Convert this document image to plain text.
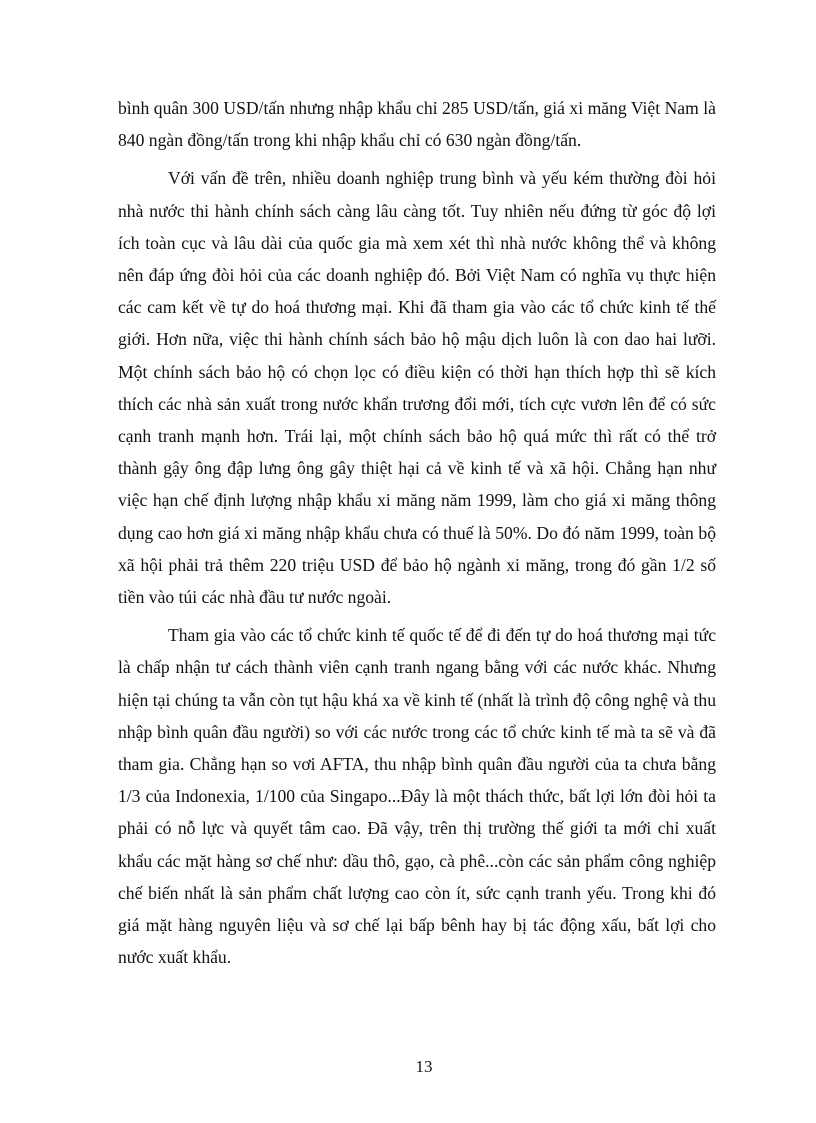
bình quân 300 USD/tấn nhưng nhập khẩu chỉ 285 USD/tấn, giá xi măng Việt Nam là 840 ngàn đồng/tấn trong khi nhập khẩu chỉ có 630 ngàn đồng/tấn.

Với vấn đề trên, nhiều doanh nghiệp trung bình và yếu kém thường đòi hỏi nhà nước thi hành chính sách càng lâu càng tốt. Tuy nhiên nếu đứng từ góc độ lợi ích toàn cục và lâu dài của quốc gia mà xem xét thì nhà nước không thể và không nên đáp ứng đòi hỏi của các doanh nghiệp đó. Bởi Việt Nam có nghĩa vụ thực hiện các cam kết về tự do hoá thương mại. Khi đã tham gia vào các tổ chức kinh tế thế giới. Hơn nữa, việc thi hành chính sách bảo hộ mậu dịch luôn là con dao hai lưỡi. Một chính sách bảo hộ có chọn lọc có điều kiện có thời hạn thích hợp thì sẽ kích thích các nhà sản xuất trong nước khẩn trương đổi mới, tích cực vươn lên để có sức cạnh tranh mạnh hơn. Trái lại, một chính sách bảo hộ quá mức thì rất có thể trở thành gậy ông đập lưng ông gây thiệt hại cả về kinh tế và xã hội. Chẳng hạn như việc hạn chế định lượng nhập khẩu xi măng năm 1999, làm cho giá xi măng thông dụng cao hơn giá xi măng nhập khẩu chưa có thuế là 50%. Do đó năm 1999, toàn bộ xã hội phải trả thêm 220 triệu USD để bảo hộ ngành xi măng, trong đó gần 1/2 số tiền vào túi các nhà đầu tư nước ngoài.

Tham gia vào các tổ chức kinh tế quốc tế để đi đến tự do hoá thương mại tức là chấp nhận tư cách thành viên cạnh tranh ngang bằng với các nước khác. Nhưng hiện tại chúng ta vẫn còn tụt hậu khá xa về kinh tế (nhất là trình độ công nghệ và thu nhập bình quân đầu người) so với các nước trong các tổ chức kinh tế mà ta sẽ và đã tham gia. Chẳng hạn so vơi AFTA, thu nhập bình quân đầu người của ta chưa bằng 1/3 của Indonexia, 1/100 của Singapo...Đây là một thách thức, bất lợi lớn đòi hỏi ta phải có nỗ lực và quyết tâm cao. Đã vậy, trên thị trường thế giới ta mới chỉ xuất khẩu các mặt hàng sơ chế như: dầu thô, gạo, cà phê...còn các sản phẩm công nghiệp chế biến nhất là sản phẩm chất lượng cao còn ít, sức cạnh tranh yếu. Trong khi đó giá mặt hàng nguyên liệu và sơ chế lại bấp bênh hay bị tác động xấu, bất lợi cho nước xuất khẩu.

13
